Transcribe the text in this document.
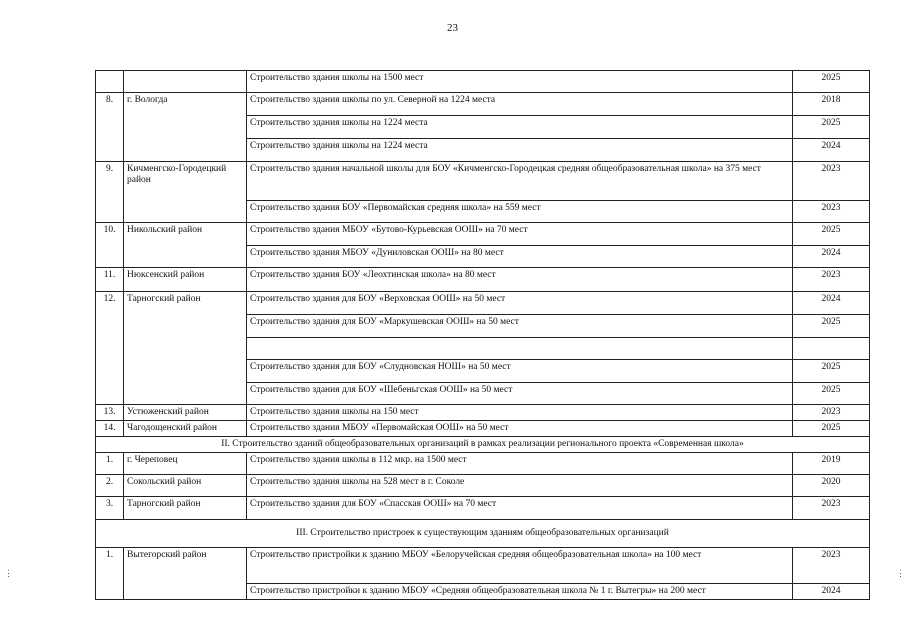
23
		Строительство здания школы на 1500 мест	2025
8.	г. Вологда	Строительство здания школы по ул. Северной на 1224 места	2018
		Строительство здания школы на 1224 места	2025
		Строительство здания школы на 1224 места	2024
9.	Кичменгско-Городецкий район	Строительство здания начальной школы для БОУ «Кичменгско-Городецкая средняя общеобразовательная школа» на 375 мест	2023
		Строительство здания БОУ «Первомайская средняя школа» на 559 мест	2023
10.	Никольский район	Строительство здания МБОУ «Бутово-Курьевская ООШ» на 70 мест	2025
		Строительство здания МБОУ «Дуниловская ООШ» на 80 мест	2024
11.	Нюксенский район	Строительство здания БОУ «Леохтинская школа» на 80 мест	2023
12.	Тарногский район	Строительство здания для БОУ «Верховская ООШ» на 50 мест	2024
		Строительство здания для БОУ «Маркушевская ООШ» на 50 мест	2025

		Строительство здания для БОУ «Слудновская НОШ» на 50 мест	2025
		Строительство здания для БОУ «Шебеньгская ООШ» на 50 мест	2025
13.	Устюженский район	Строительство здания школы на 150 мест	2023
14.	Чагодощенский район	Строительство здания МБОУ «Первомайская ООШ» на 50 мест	2025
II. Строительство зданий общеобразовательных организаций в рамках реализации регионального проекта «Современная школа»			
1.	г. Череповец	Строительство здания школы в 112 мкр. на 1500 мест	2019
2.	Сокольский район	Строительство здания школы на 528 мест в г. Соколе	2020
3.	Тарногский район	Строительство здания для БОУ «Спасская ООШ» на 70 мест	2023
III. Строительство пристроек к существующим зданиям общеобразовательных организаций			
1.	Вытегорский район	Строительство пристройки к зданию МБОУ «Белоручейская средняя общеобразовательная школа» на 100 мест	2023
		Строительство пристройки к зданию МБОУ «Средняя общеобразовательная школа № 1 г. Вытегры» на 200 мест	2024
⋮	⋮
